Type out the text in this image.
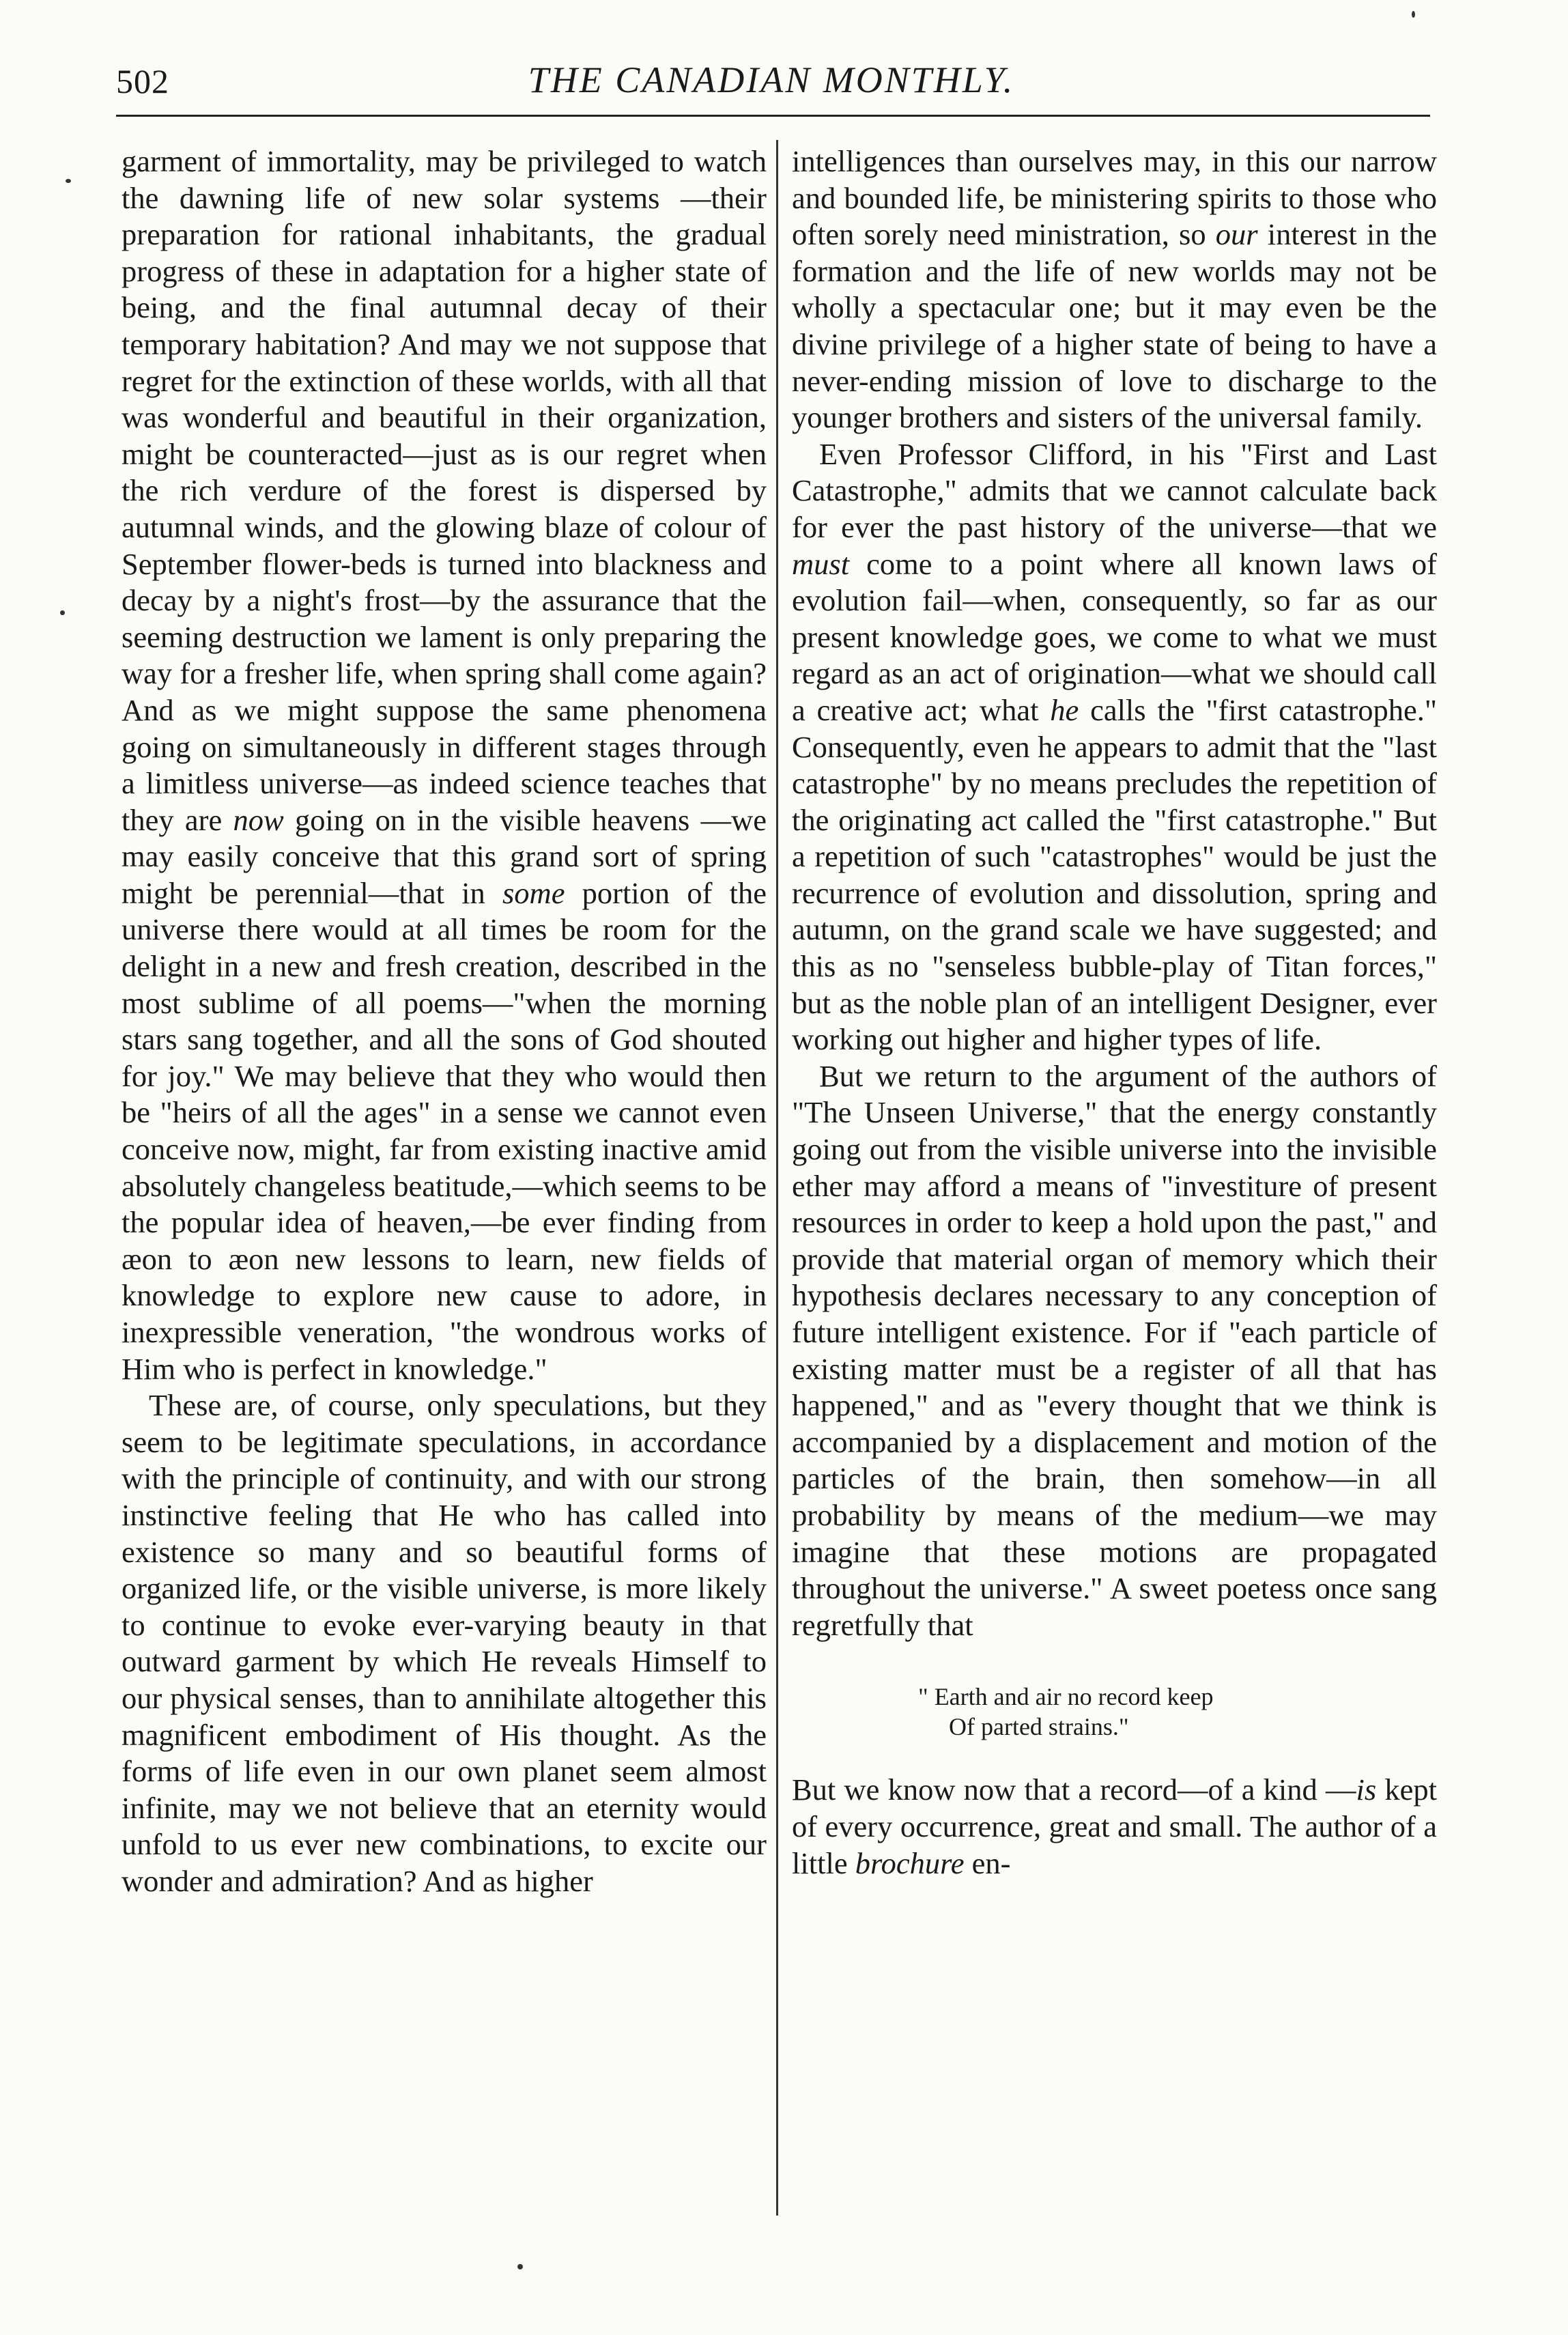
502	THE CANADIAN MONTHLY.

garment of immortality, may be privileged to watch the dawning life of new solar systems —their preparation for rational inhabitants, the gradual progress of these in adaptation for a higher state of being, and the final autumnal decay of their temporary habitation? And may we not suppose that regret for the extinction of these worlds, with all that was wonderful and beautiful in their organization, might be counteracted—just as is our regret when the rich verdure of the forest is dispersed by autumnal winds, and the glowing blaze of colour of September flower-beds is turned into blackness and decay by a night's frost—by the assurance that the seeming destruction we lament is only preparing the way for a fresher life, when spring shall come again? And as we might suppose the same phenomena going on simultaneously in different stages through a limitless universe—as indeed science teaches that they are now going on in the visible heavens —we may easily conceive that this grand sort of spring might be perennial—that in some portion of the universe there would at all times be room for the delight in a new and fresh creation, described in the most sublime of all poems—"when the morning stars sang together, and all the sons of God shouted for joy." We may believe that they who would then be "heirs of all the ages" in a sense we cannot even conceive now, might, far from existing inactive amid absolutely changeless beatitude,—which seems to be the popular idea of heaven,—be ever finding from æon to æon new lessons to learn, new fields of knowledge to explore new cause to adore, in inexpressible veneration, "the wondrous works of Him who is perfect in knowledge."

These are, of course, only speculations, but they seem to be legitimate speculations, in accordance with the principle of continuity, and with our strong instinctive feeling that He who has called into existence so many and so beautiful forms of organized life, or the visible universe, is more likely to continue to evoke ever-varying beauty in that outward garment by which He reveals Himself to our physical senses, than to annihilate altogether this magnificent embodiment of His thought. As the forms of life even in our own planet seem almost infinite, may we not believe that an eternity would unfold to us ever new combinations, to excite our wonder and admiration? And as higher

intelligences than ourselves may, in this our narrow and bounded life, be ministering spirits to those who often sorely need ministration, so our interest in the formation and the life of new worlds may not be wholly a spectacular one; but it may even be the divine privilege of a higher state of being to have a never-ending mission of love to discharge to the younger brothers and sisters of the universal family.

Even Professor Clifford, in his "First and Last Catastrophe," admits that we cannot calculate back for ever the past history of the universe—that we must come to a point where all known laws of evolution fail—when, consequently, so far as our present knowledge goes, we come to what we must regard as an act of origination—what we should call a creative act; what he calls the "first catastrophe." Consequently, even he appears to admit that the "last catastrophe" by no means precludes the repetition of the originating act called the "first catastrophe." But a repetition of such "catastrophes" would be just the recurrence of evolution and dissolution, spring and autumn, on the grand scale we have suggested; and this as no "senseless bubble-play of Titan forces," but as the noble plan of an intelligent Designer, ever working out higher and higher types of life.

But we return to the argument of the authors of "The Unseen Universe," that the energy constantly going out from the visible universe into the invisible ether may afford a means of "investiture of present resources in order to keep a hold upon the past," and provide that material organ of memory which their hypothesis declares necessary to any conception of future intelligent existence. For if "each particle of existing matter must be a register of all that has happened," and as "every thought that we think is accompanied by a displacement and motion of the particles of the brain, then somehow—in all probability by means of the medium—we may imagine that these motions are propagated throughout the universe." A sweet poetess once sang regretfully that

" Earth and air no record keep
Of parted strains."

But we know now that a record—of a kind —is kept of every occurrence, great and small. The author of a little brochure en-
